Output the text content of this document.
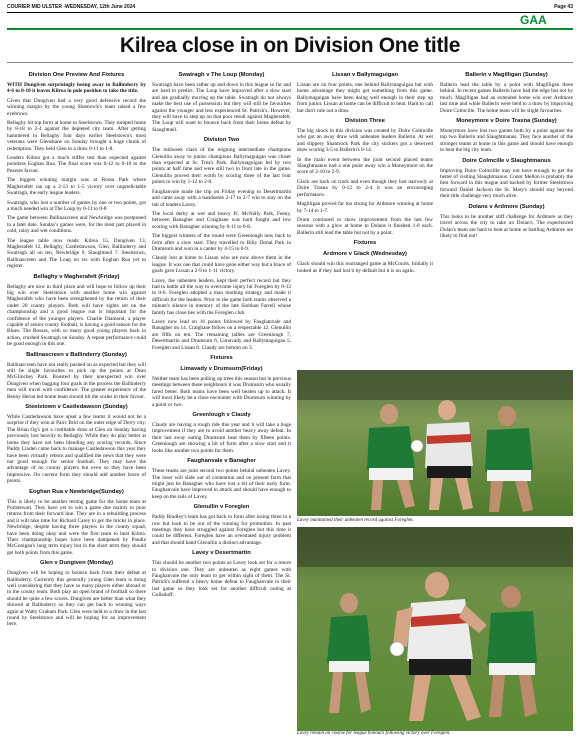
COURIER MID ULSTER -WEDNESDAY, 12th June 2024	Page 43
GAA
Kilrea close in on Division One title
Division One Preview And Fixtures

WITH Dungiven surprisingly losing away to Ballinderry by 4-6 to 0-10 it leaves Kilrea in pole position to take the title.

Given that Dungiven had a very good defensive record the winning margin by the young Shamrock's team raised a few eyebrows.

Bellaghy hit top form at home to Steelstown. They romped home by 8-18 to 2-4 against the depleted city team. After getting hammered in Bellaghy four days earlier Steelstown's most veterans were Glenshane on Sunday brought a huge chunk of redemption. They held Glen to a draw 0-11 to 1-8.

Leaders Kilrea got a much stiffer test than expected against pointless Eoghan Rua. The final score was 0-12 to 0-10 to the Pearses favour.

The biggest winning margin was at Rossa Park where Magherafelt ran up a 2-13 to 1-5 victory over unpredictable Swatragh, the early league leaders.

Swatragh, who lost a number of games by one or two points, got a much needed win at The Loup by 0-11 to 0-8.

The game between Ballinascreen and Newbridge was postponed to a later date. Sunday's games were, for the most part played in cold, rainy and wet conditions.

The league table now reads: Kilrea 15, Dungiven 13, Magherafelt 12, Bellaghy, Castledawson, Glen, Ballinderry and Swatragh all on ten, Newbridge 9, Slaughtneil 7. Steelstown, Ballinascreen and The Loup on six with Eoghan Rua yet to register.

Bellaghy v Magherafelt (Friday)

Bellaghy are now in third place and will hope to follow up their big win over Steelstown with another home win against Magherafelt who have been strengthened by the return of their under 20 county players. Both will have sights set on the championship and a good league run is important for the confidence of the younger players. Charlie Diamond, a player capable of senior county football, is having a good season for the Blues. The Rossas, with so many good young players back in action, crushed Swatragh on Sunday. A repeat performance could be good enough in this one.

Ballinascreen v Ballinderry (Sunday)

Ballinascreen have not really pushed on as expected but they will still be slight favourites to pick up the points at Dean McGlinchey Park. Boosted by their unexpected win over Dungiven when bagging four goals in the process the Ballinderry men will travel with confidence. The greater experience of the Benny Heron led home team should tilt the scales in their favour.

Steelstown v Castledawson (Sunday)

While Castledawson have upset a few teams it would not be a surprise if they won at Pairc Brid on the outer edge of Derry city. The Brian Og's got a creditable draw at Glen on Sunday having previously lost heavily to Bellaghy. While they do play better at home they have not been blending any scoring records. Since Paddy Linden came back to manage Castledawson this year they have been virtually reborn and qualified the news that they were not good enough for senior football. They may have the advantage of no county players but even so they have been impressive. On current form they should add another brace of points.

Eoghan Rua v Newbridge(Sunday)

This is likely to be another testing game for the home team at Portstewart. They have yet to win a game due mainly to poor returns from their forward line. They are in a rebuilding process and it will take time for Richard Carey to get the bricks in place. Newbridge, despite having three players in the county squad, have been doing okay and were the first team to beat Kilrea. Their championship hopes have been dampened by Paudie McGonigan's long term injury but in the short term they should get both points from this game.

Glen v Dungiven (Monday)

Dungiven will be hoping to bounce back from their defeat at Ballinderry. Currently this generally young Glen team is doing well considering that they have so many players either abroad or in the county team. Both play an open brand of football so there should be quite a few scores. Dungiven are better than what they showed at Ballinderry so they can get back to winning ways again at Watty Graham Park. Glen were held to a draw in the last round by Steelstown and will be hoping for an improvement here.

Swatragh v The Loup (Monday)

Swatragh have been rather up and down in this league so far and are hard to predict. The Loup have improved after a slow start and are gradually moving up the table. Swatragh do not always make the best use of possession but they will still be favourites against the younger and less experienced St. Patrick's. However, they will have to step up on that poor result against Magherafelt. The Loup will want to bounce back from their home defeat by Slaughtneil.

Division Two

The midweek clash of the reigning intermediate champions Glenullin away to junior champions Ballymaguigan was closer than expected at St. Trea's Park. Ballymaguigan led by two points at half time and were still two in front late in the game. Glenullin proved their worth by scoring three of the last four points to win by 1-12 to 2-8.

Faughanvale made the trip on Friday evening to Desertmartin and came away with a handsome 2-17 to 2-7 win to stay on the tail of leaders Lavey.

The local derby at wet and heavy Fr. McNally Park, Feeny, between Banagher and Craigbane was hard fought and low scoring with Banagher winning by 0-11 to 0-8.

The biggest winners of the round were Greenlough now back to form after a slow start. They travelled to Billy Donal Park in Drumsurn and won in a canter by 4-15 to 0-9.

Claudy lost at home to Lissan who are now above them in the league. It was one that could have gone either way but a brace of goals gave Lissan a 2-9 to 1-11 victory.

Lavey, the unbeaten leaders, kept their perfect record but they had to battle all the way to overcome injury hit Foreglen by 0-12 to 0-6. Foreglen adopted a man marking strategy and made it difficult for the leaders. Prior to the game both teams observed a minute's silence in memory of the late Siobhan Farrell whose family has close ties with the Foreglen club.

Lavey now lead on 16 points followed by Faughanvale and Banagher on 14. Craigbane follow on a respectable 12. Glenullin are fifth on ten. The remaining tallies are Greenlough 7, Desertmartin and Drumsurn 6, Limavady and Ballymaguigan 5, Foreglen and Lissan 8. Claudy are bottom on 3.

Fixtures
Limavady v Drumsurn(Friday)

Neither team has been pulling up trees this season but in previous meetings between these neighbours it was Drumsurn who usually fared better. Both teams have been well beaten up to attack. It will most likely be a close encounter with Drumsurn winning by a point or two.

Greenlough v Claudy

Claudy are having a rough ride this year and it will take a huge improvement if they are to avoid another heavy away defeat. In their last away outing Drumsurn beat them by fifteen points. Greenlough are showing a bit of form after a slow start and it looks like another two points for them.

Faughanvale v Banagher

These teams are joint second two points behind unbeaten Lavey. The loser will slide out of contention and on present form that might just be Banagher who have lost a bit of their early form. Faughanvale have improved in attack and should have enough to keep on the tails of Lavey.

Glenullin v Foreglen

Paddy Bradley's team has got back to form after losing three in a row but look to be out of the running for promotion. In past meetings they have struggled against Foreglen but this time it could be different. Foreglen have an overstated injury problem and that should hand Glenullin a distinct advantage.

Lavey v Desertmartin

This should be another two points as Lavey look set for a return to division one. They are unbeaten as eight games with Faughanvale the only team to get within sight of them. The St. Patrick's suffered a heavy home defeat to Faughanvale in their last game so they look set for another difficult outing at Gulladuff.

Lissan v Ballymaguigan

Lissan are on four points, one behind Ballymaguigan but with home advantage they might get something from this game. Ballymaguigan have been doing well enough in their step up from junior. Lissan at home can be difficult to beat. Hard to call but don't rule out a draw.

Division Three

The big shock in this division was created by Doire Colmcille who got an away draw with unbeaten leaders Ballerin. At wet and slippery Shamrock Park the city stickers got a deserved draw scoring 3-5 to Ballerin's 0-14.

In the main event between the joint second placed teams Slaughtmanus had a one point away win a Moneymore on the score of 2-10 to 2-9.

Glack are back on track and even though they lost narrowly at Doire Trasna by 0-12 to 2-4 it was an encouraging performance.

Magilligan proved far too strong for Ardmore winning at home by 7-14 to 1-7.

Drum continued to show improvement from the last few seasons with a glow at home to Dolans it finished 1-8 each. Ballerin still lead the table but not by a point.

Fixtures
Ardmore v Glack (Wednesday)

Glack should win this rearranged game at McCourts. Initially it looked as if they had lost it by default but it is on again.

Ballerin v Magilligan (Sunday)

Ballerin lead the table by a point with Magilligan three behind. In recent games Ballerin have had the edge but not by much. Magilligan had an extended home win over Ardmore last time and while Ballerin were held to a draw by improving Doire Colmcille. The home team will be slight favourites.

Moneymore v Doire Trasna (Sunday)

Moneymore have lost two games both by a point against the top two Ballerin and Slaughtmanus. They face another of the stronger teams at home in this game and should have enough to beat the big city team.

Doire Colmcille v Slaughtmanus

Improving Doire Colmcille may not have enough to get the better of visiting Slaughtmanus. Conor Mellon is probably the best forward in this league and backed by former Steelstown forward Daniel Jackson the St. Mary's should stay beyond their title challenge very much alive.

Dolans v Ardmore (Sunday)

This looks to be another stiff challenge for Ardmore as they travel across the city to take on Dolan's. The experienced Dolan's team are hard to beat at home as battling Ardmore are likely to find out!

Lavey maintained their unbeaten record against Foreglen.
Lavey remain on course for league honours following victory over Foreglen.
